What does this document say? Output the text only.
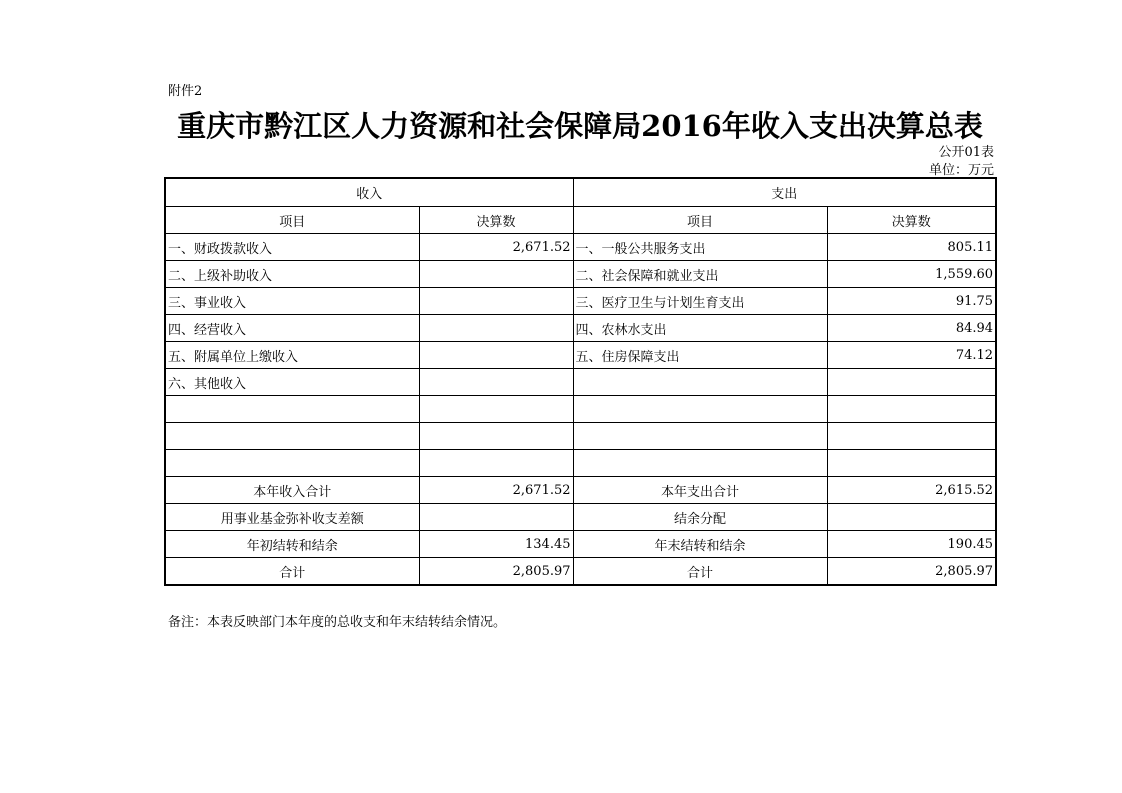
附件2
重庆市黔江区人力资源和社会保障局2016年收入支出决算总表
公开01表
单位：万元
收入		支出	
项目	决算数	项目	决算数
一、财政拨款收入	2,671.52	一、一般公共服务支出	805.11
二、上级补助收入		二、社会保障和就业支出	1,559.60
三、事业收入		三、医疗卫生与计划生育支出	91.75
四、经营收入		四、农林水支出	84.94
五、附属单位上缴收入		五、住房保障支出	74.12
六、其他收入			

本年收入合计	2,671.52	本年支出合计	2,615.52
用事业基金弥补收支差额		结余分配	
年初结转和结余	134.45	年末结转和结余	190.45
合计	2,805.97	合计	2,805.97
备注：本表反映部门本年度的总收支和年末结转结余情况。
